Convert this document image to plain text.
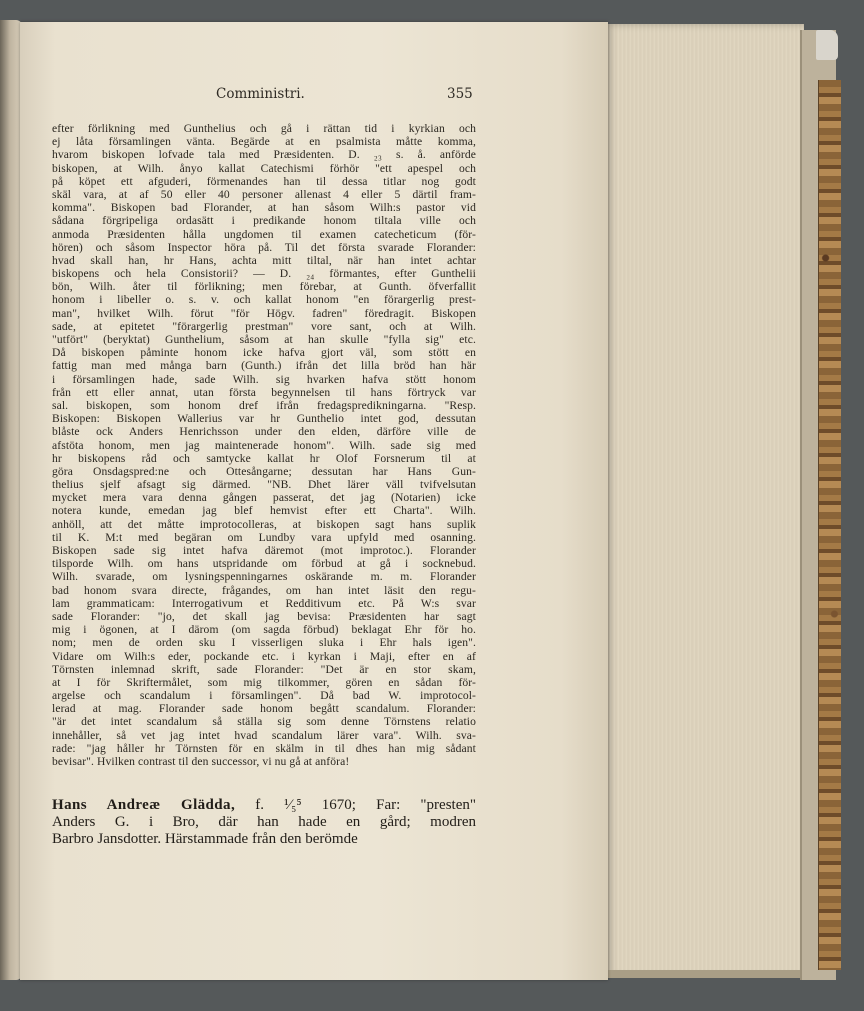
Comministri.	355
efter förlikning med Gunthelius och gå i rättan tid i kyrkian och
ej låta församlingen vänta. Begärde at en psalmista måtte komma,
hvarom biskopen lofvade tala med Præsidenten. D. ₂₃ s. å. anförde
biskopen, at Wilh. ånyo kallat Catechismi förhör "ett apespel och
på köpet ett afguderi, förmenandes han til dessa titlar nog godt
skäl vara, at af 50 eller 40 personer allenast 4 eller 5 därtil fram-
komma". Biskopen bad Florander, at han såsom Wilh:s pastor vid
sådana förgripeliga ordasätt i predikande honom tiltala ville och
anmoda Præsidenten hålla ungdomen til examen catecheticum (för-
hören) och såsom Inspector höra på. Til det första svarade Florander:
hvad skall han, hr Hans, achta mitt tiltal, när han intet achtar
biskopens och hela Consistorii? — D. ₂₄ förmantes, efter Gunthelii
bön, Wilh. åter til förlikning; men förebar, at Gunth. öfverfallit
honom i libeller o. s. v. och kallat honom "en förargerlig prest-
man", hvilket Wilh. förut "för Högv. fadren" föredragit. Biskopen
sade, at epitetet "förargerlig prestman" vore sant, och at Wilh.
"utfört" (beryktat) Gunthelium, såsom at han skulle "fylla sig" etc.
Då biskopen påminte honom icke hafva gjort väl, som stött en
fattig man med många barn (Gunth.) ifrån det lilla bröd han här
i församlingen hade, sade Wilh. sig hvarken hafva stött honom
från ett eller annat, utan första begynnelsen til hans förtryck var
sal. biskopen, som honom dref ifrån fredagspredikningarna. "Resp.
Biskopen: Biskopen Wallerius var hr Gunthelio intet god, dessutan
blåste ock Anders Henrichsson under den elden, därföre ville de
afstöta honom, men jag maintenerade honom". Wilh. sade sig med
hr biskopens råd och samtycke kallat hr Olof Forsnerum til at
göra Onsdagspred:ne och Ottesångarne; dessutan har Hans Gun-
thelius sjelf afsagt sig därmed. "NB. Dhet lärer väll tvifvelsutan
mycket mera vara denna gången passerat, det jag (Notarien) icke
notera kunde, emedan jag blef hemvist efter ett Charta". Wilh.
anhöll, att det måtte improtocolleras, at biskopen sagt hans suplik
til K. M:t med begäran om Lundby vara upfyld med osanning.
Biskopen sade sig intet hafva däremot (mot improtoc.). Florander
tilsporde Wilh. om hans utspridande om förbud at gå i socknebud.
Wilh. svarade, om lysningspenningarnes oskärande m. m. Florander
bad honom svara directe, frågandes, om han intet läsit den regu-
lam grammaticam: Interrogativum et Redditivum etc. På W:s svar
sade Florander: "jo, det skall jag bevisa: Præsidenten har sagt
mig i ögonen, at I därom (om sagda förbud) beklagat Ehr för ho.
nom; men de orden sku I visserligen sluka i Ehr hals igen".
Vidare om Wilh:s eder, pockande etc. i kyrkan i Maji, efter en af
Törnsten inlemnad skrift, sade Florander: "Det är en stor skam,
at I för Skriftermålet, som mig tilkommer, gören en sådan för-
argelse och scandalum i församlingen". Då bad W. improtocol-
lerad at mag. Florander sade honom begått scandalum. Florander:
"är det intet scandalum så ställa sig som denne Törnstens relatio
innehåller, så vet jag intet hvad scandalum lärer vara". Wilh. sva-
rade: "jag håller hr Törnsten för en skälm in til dhes han mig sådant
bevisar". Hvilken contrast til den successor, vi nu gå at anföra!
Hans Andreæ Glädda, f. ¹⁄₅⁵ 1670; Far: "presten"
Anders G. i Bro, där han hade en gård; modren
Barbro Jansdotter. Härstammade från den berömde
